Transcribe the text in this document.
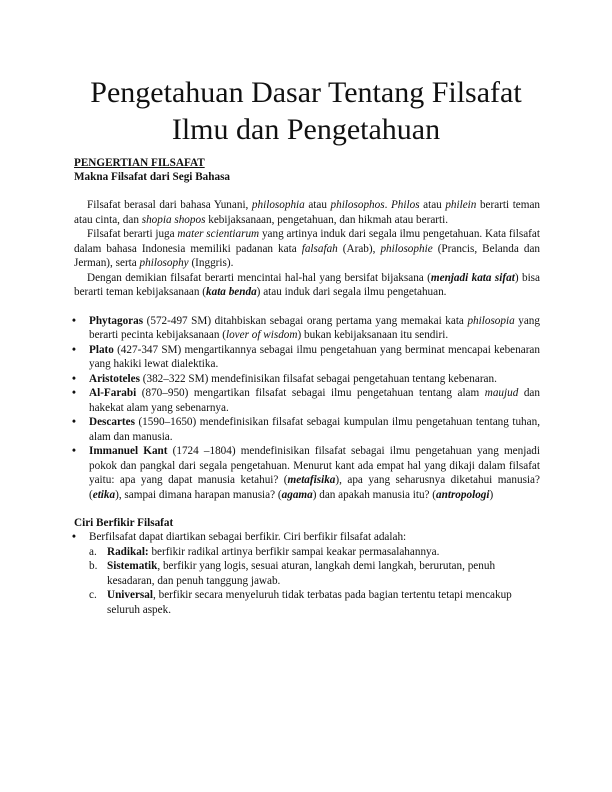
Pengetahuan Dasar Tentang Filsafat
Ilmu dan Pengetahuan

PENGERTIAN FILSAFAT

Makna Filsafat dari Segi Bahasa

Filsafat berasal dari bahasa Yunani, philosophia atau philosophos. Philos atau philein berarti teman atau cinta, dan shopia shopos kebijaksanaan, pengetahuan, dan hikmah atau berarti.

Filsafat berarti juga mater scientiarum yang artinya induk dari segala ilmu pengetahuan. Kata filsafat dalam bahasa Indonesia memiliki padanan kata falsafah (Arab), philosophie (Prancis, Belanda dan Jerman), serta philosophy (Inggris).

Dengan demikian filsafat berarti mencintai hal-hal yang bersifat bijaksana (menjadi kata sifat) bisa berarti teman kebijaksanaan (kata benda) atau induk dari segala ilmu pengetahuan.

• Phytagoras (572-497 SM) ditahbiskan sebagai orang pertama yang memakai kata philosopia yang berarti pecinta kebijaksanaan (lover of wisdom) bukan kebijaksanaan itu sendiri.
• Plato (427-347 SM) mengartikannya sebagai ilmu pengetahuan yang berminat mencapai kebenaran yang hakiki lewat dialektika.
• Aristoteles (382–322 SM) mendefinisikan filsafat sebagai pengetahuan tentang kebenaran.
• Al-Farabi (870–950) mengartikan filsafat sebagai ilmu pengetahuan tentang alam maujud dan hakekat alam yang sebenarnya.
• Descartes (1590–1650) mendefinisikan filsafat sebagai kumpulan ilmu pengetahuan tentang tuhan, alam dan manusia.
• Immanuel Kant (1724 –1804) mendefinisikan filsafat sebagai ilmu pengetahuan yang menjadi pokok dan pangkal dari segala pengetahuan. Menurut kant ada empat hal yang dikaji dalam filsafat yaitu: apa yang dapat manusia ketahui? (metafisika), apa yang seharusnya diketahui manusia?(etika), sampai dimana harapan manusia? (agama) dan apakah manusia itu? (antropologi)

Ciri Berfikir Filsafat

• Berfilsafat dapat diartikan sebagai berfikir. Ciri berfikir filsafat adalah:
a. Radikal: berfikir radikal artinya berfikir sampai keakar permasalahannya.
b. Sistematik, berfikir yang logis, sesuai aturan, langkah demi langkah, berurutan, penuh kesadaran, dan penuh tanggung jawab.
c. Universal, berfikir secara menyeluruh tidak terbatas pada bagian tertentu tetapi mencakup seluruh aspek.
